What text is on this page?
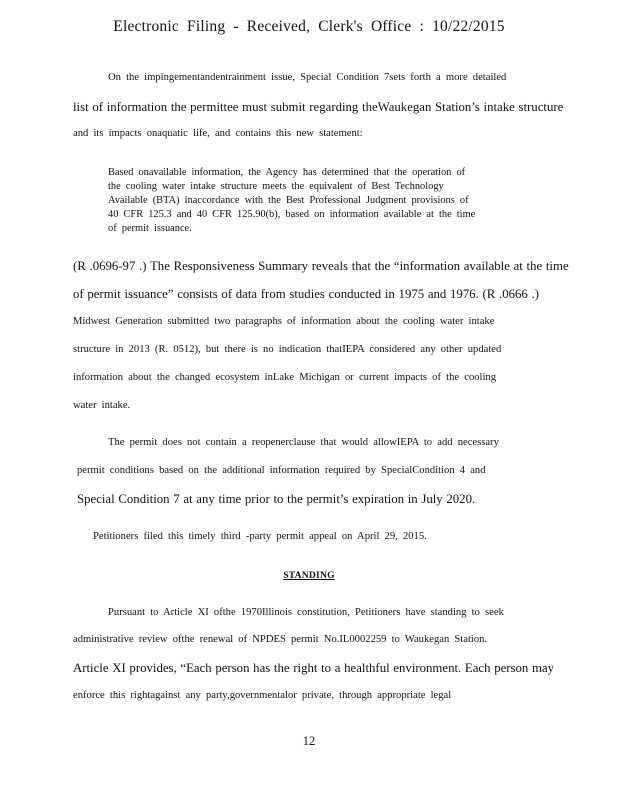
Electronic Filing - Received, Clerk's Office : 10/22/2015
On the impingementandentrainment issue, Special Condition 7sets forth a more detailed
list of information the permittee must submit regarding theWaukegan Station’s intake structure
and its impacts onaquatic life, and contains this new statement:
Based onavailable information, the Agency has determined that the operation of
the cooling water intake structure meets the equivalent of Best Technology
Available (BTA) inaccordance with the Best Professional Judgment provisions of
40 CFR 125.3 and 40 CFR 125.90(b), based on information available at the time
of permit issuance.
(R .0696-97 .) The Responsiveness Summary reveals that the “information available at the time
of permit issuance” consists of data from studies conducted in 1975 and 1976. (R .0666 .)
Midwest Generation submitted two paragraphs of information about the cooling water intake
structure in 2013 (R. 0512), but there is no indication thatIEPA considered any other updated
information about the changed ecosystem inLake Michigan or current impacts of the cooling
water intake.
The permit does not contain a reopenerclause that would allowIEPA to add necessary
permit conditions based on the additional information required by SpecialCondition 4 and
Special Condition 7 at any time prior to the permit’s expiration in July 2020.
Petitioners filed this timely third -party permit appeal on April 29, 2015.
STANDING
Pursuant to Article XI ofthe 1970Illinois constitution, Petitioners have standing to seek
administrative review ofthe renewal of NPDES permit No.IL0002259 to Waukegan Station.
Article XI provides, “Each person has the right to a healthful environment. Each person may
enforce this rightagainst any party,governmentalor private, through appropriate legal
12
